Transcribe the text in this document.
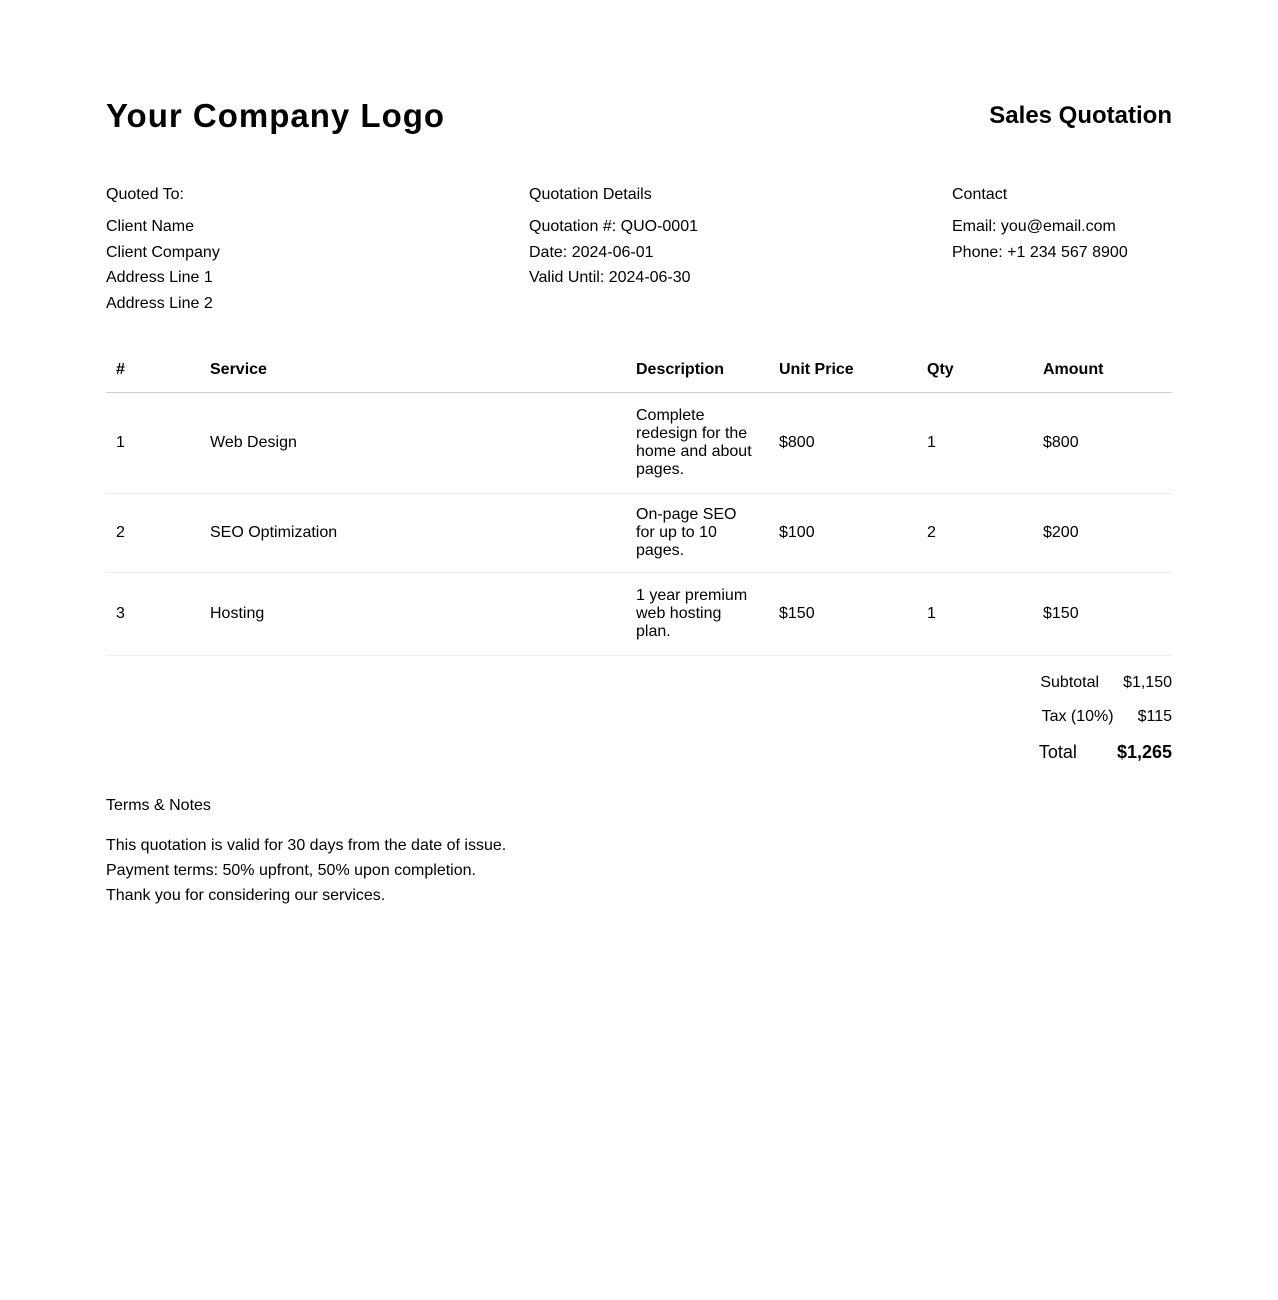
Your Company Logo	Sales Quotation
Quoted To:
Client Name
Client Company
Address Line 1
Address Line 2
Quotation Details
Quotation #: QUO-0001
Date: 2024-06-01
Valid Until: 2024-06-30
Contact
Email: you@email.com
Phone: +1 234 567 8900
#	Service	Description	Unit Price	Qty	Amount
1	Web Design	Complete redesign for the home and about pages.	$800	1	$800
2	SEO Optimization	On-page SEO for up to 10 pages.	$100	2	$200
3	Hosting	1 year premium web hosting plan.	$150	1	$150
Subtotal $1,150
Tax (10%) $115
Total $1,265
Terms & Notes
This quotation is valid for 30 days from the date of issue.
Payment terms: 50% upfront, 50% upon completion.
Thank you for considering our services.
